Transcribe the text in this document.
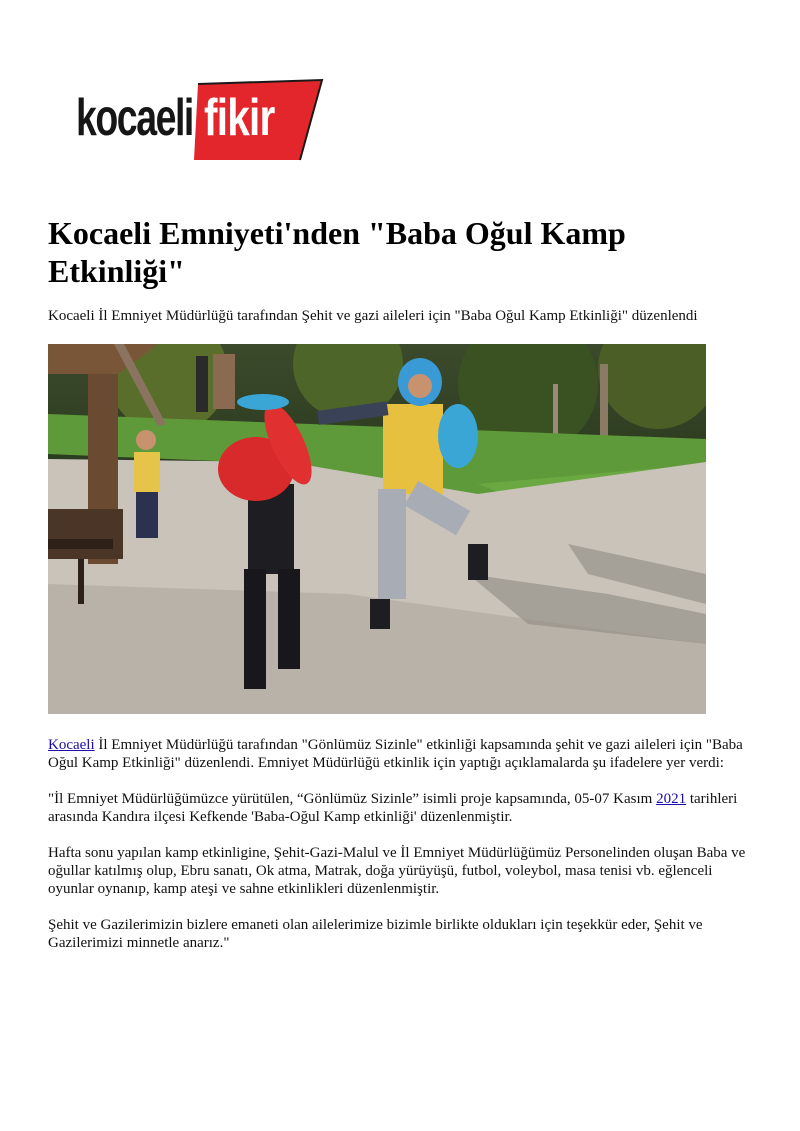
kocaeli fikir
Kocaeli Emniyeti'nden "Baba Oğul Kamp Etkinliği"

Kocaeli İl Emniyet Müdürlüğü tarafından Şehit ve gazi aileleri için "Baba Oğul Kamp Etkinliği" düzenlendi

Kocaeli İl Emniyet Müdürlüğü tarafından "Gönlümüz Sizinle" etkinliği kapsamında şehit ve gazi aileleri için "Baba Oğul Kamp Etkinliği" düzenlendi. Emniyet Müdürlüğü etkinlik için yaptığı açıklamalarda şu ifadelere yer verdi:

"İl Emniyet Müdürlüğümüzce yürütülen, “Gönlümüz Sizinle” isimli proje kapsamında, 05-07 Kasım 2021 tarihleri arasında Kandıra ilçesi Kefkende 'Baba-Oğul Kamp etkinliği' düzenlenmiştir.

Hafta sonu yapılan kamp etkinligine, Şehit-Gazi-Malul ve İl Emniyet Müdürlüğümüz Personelinden oluşan Baba ve oğullar katılmış olup, Ebru sanatı, Ok atma, Matrak, doğa yürüyüşü, futbol, voleybol, masa tenisi vb. eğlenceli oyunlar oynanıp, kamp ateşi ve sahne etkinlikleri düzenlenmiştir.

Şehit ve Gazilerimizin bizlere emaneti olan ailelerimize bizimle birlikte oldukları için teşekkür eder, Şehit ve Gazilerimizi minnetle anarız."
